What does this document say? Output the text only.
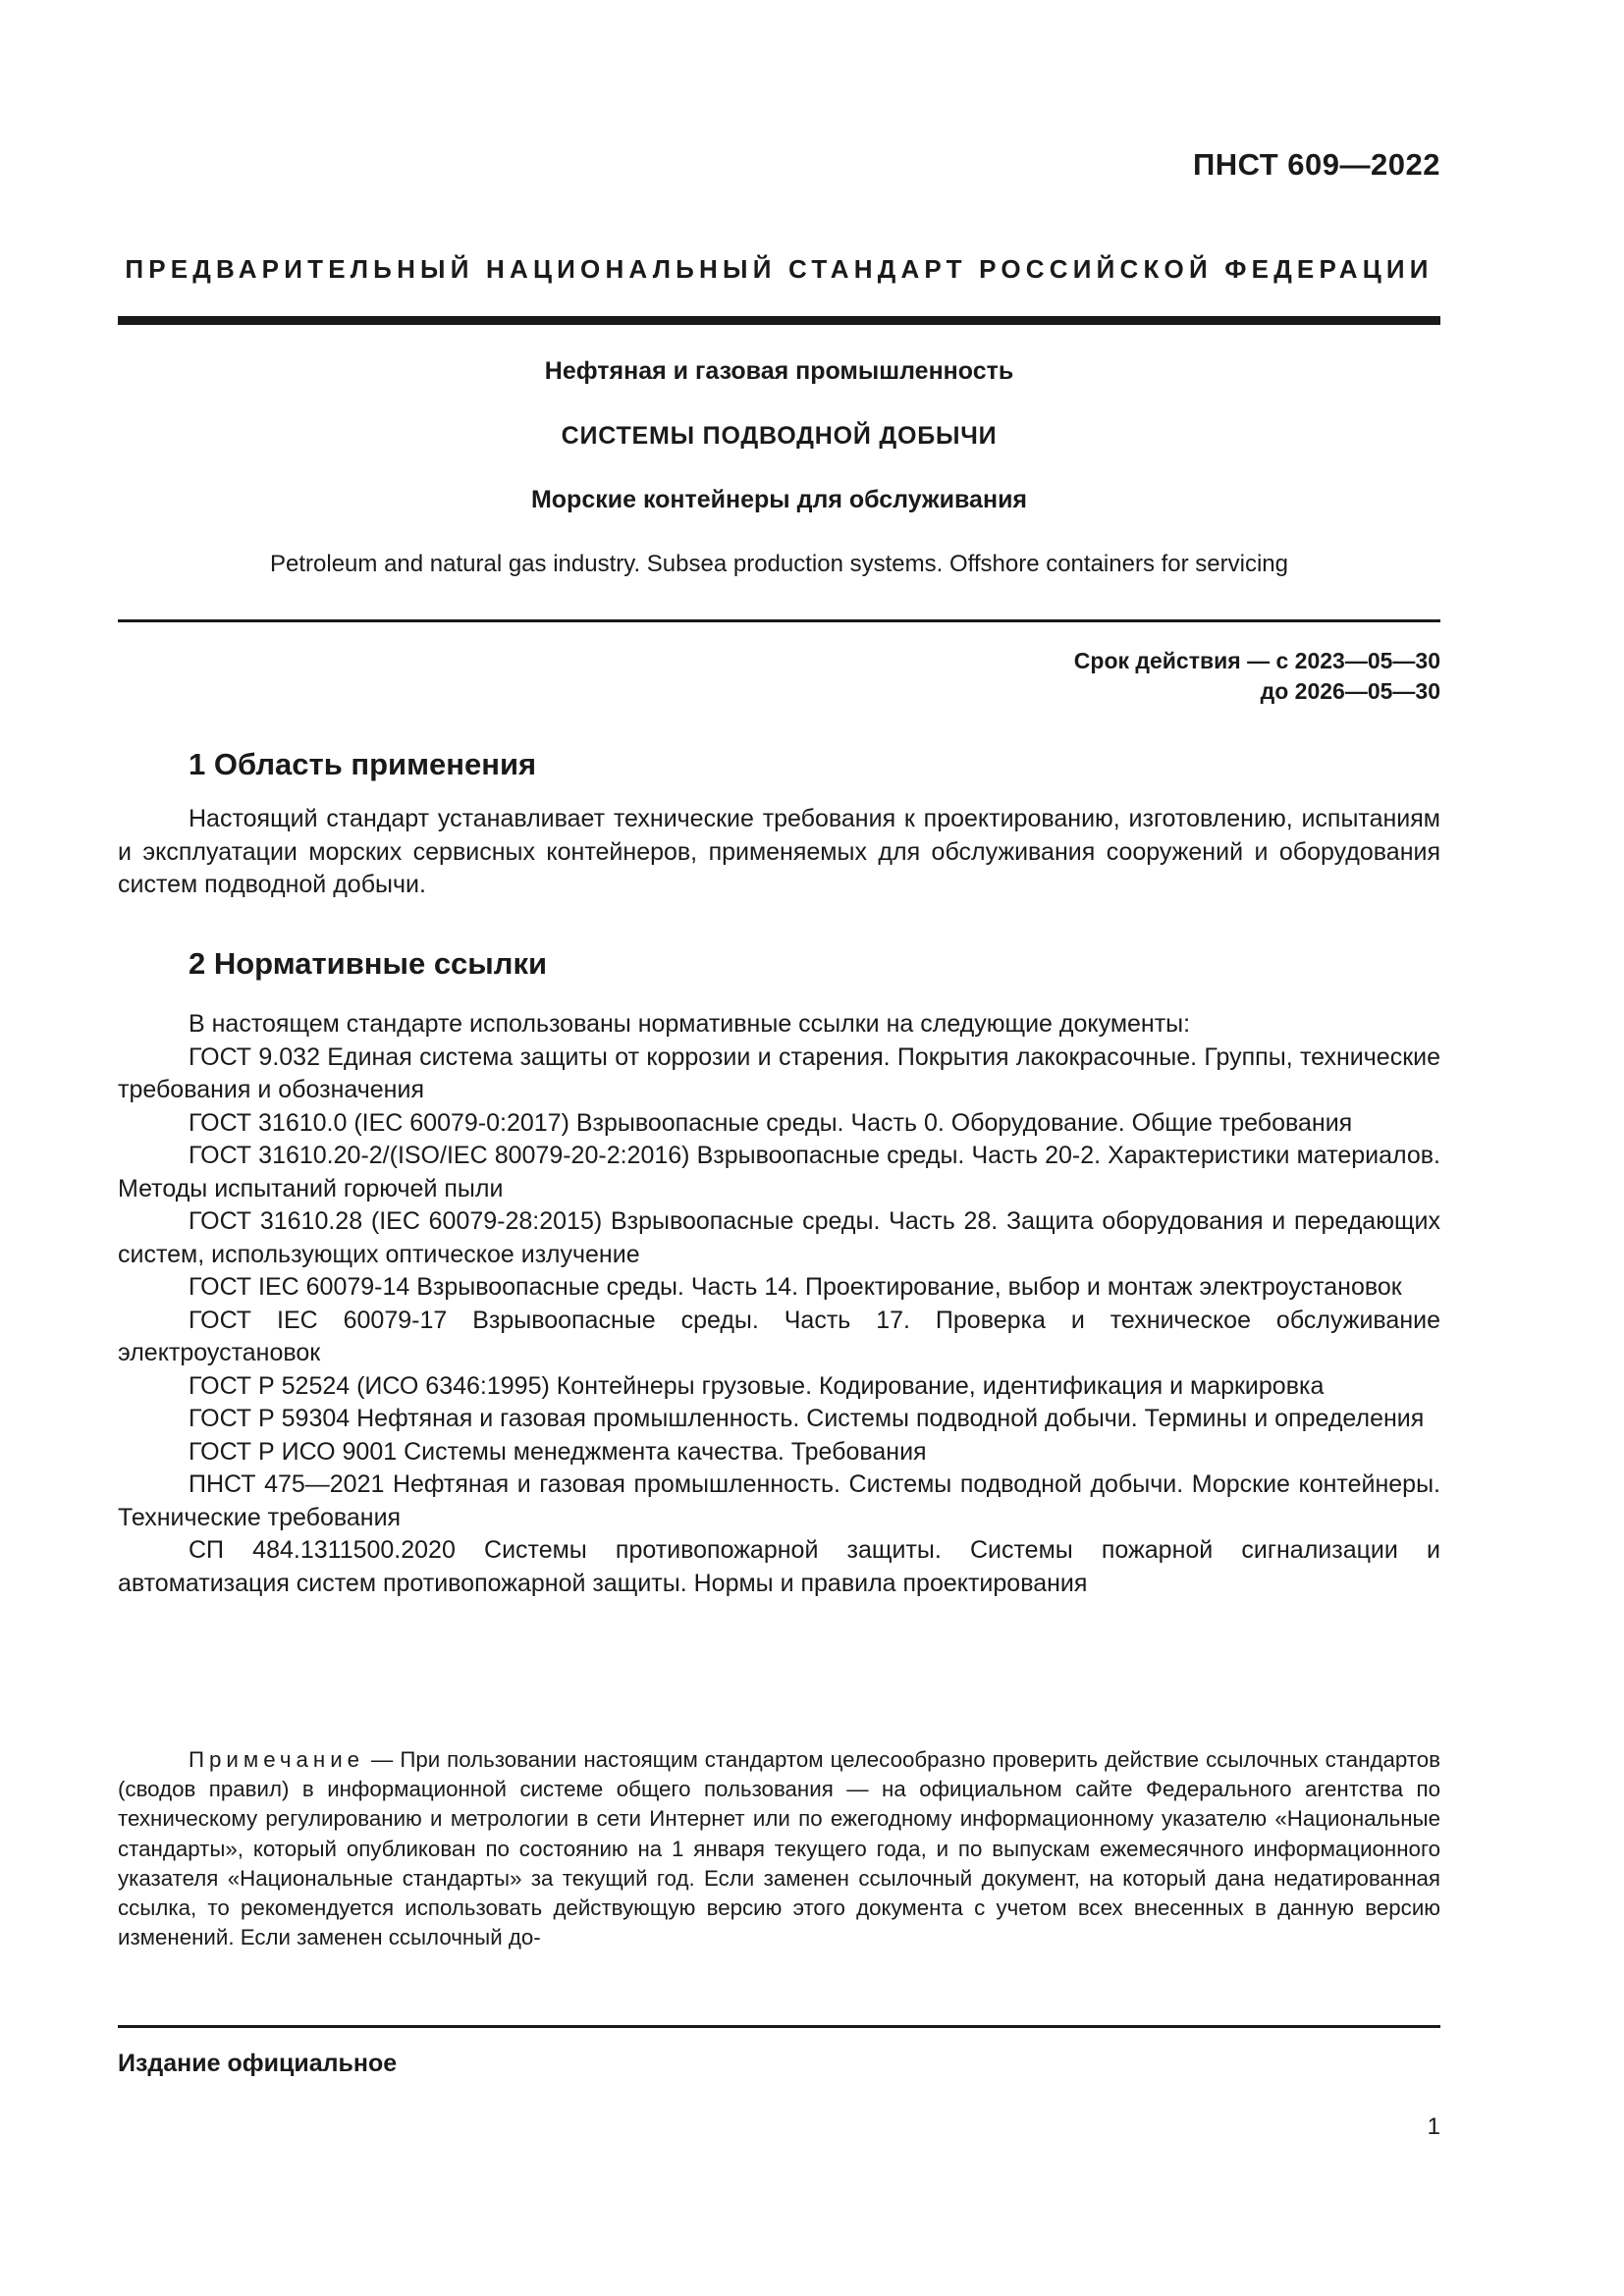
ПНСТ 609—2022
ПРЕДВАРИТЕЛЬНЫЙ НАЦИОНАЛЬНЫЙ СТАНДАРТ РОССИЙСКОЙ ФЕДЕРАЦИИ
Нефтяная и газовая промышленность
СИСТЕМЫ ПОДВОДНОЙ ДОБЫЧИ
Морские контейнеры для обслуживания
Petroleum and natural gas industry. Subsea production systems. Offshore containers for servicing
Срок действия — с 2023—05—30
до 2026—05—30
1 Область применения

Настоящий стандарт устанавливает технические требования к проектированию, изготовлению, испытаниям и эксплуатации морских сервисных контейнеров, применяемых для обслуживания сооружений и оборудования систем подводной добычи.

2 Нормативные ссылки

В настоящем стандарте использованы нормативные ссылки на следующие документы:

ГОСТ 9.032 Единая система защиты от коррозии и старения. Покрытия лакокрасочные. Группы, технические требования и обозначения

ГОСТ 31610.0 (IEC 60079-0:2017) Взрывоопасные среды. Часть 0. Оборудование. Общие требования

ГОСТ 31610.20-2/(ISO/IEC 80079-20-2:2016) Взрывоопасные среды. Часть 20-2. Характеристики материалов. Методы испытаний горючей пыли

ГОСТ 31610.28 (IEC 60079-28:2015) Взрывоопасные среды. Часть 28. Защита оборудования и передающих систем, использующих оптическое излучение

ГОСТ IEC 60079-14 Взрывоопасные среды. Часть 14. Проектирование, выбор и монтаж электроустановок

ГОСТ IEC 60079-17 Взрывоопасные среды. Часть 17. Проверка и техническое обслуживание электроустановок

ГОСТ Р 52524 (ИСО 6346:1995) Контейнеры грузовые. Кодирование, идентификация и маркировка

ГОСТ Р 59304 Нефтяная и газовая промышленность. Системы подводной добычи. Термины и определения

ГОСТ Р ИСО 9001 Системы менеджмента качества. Требования

ПНСТ 475—2021 Нефтяная и газовая промышленность. Системы подводной добычи. Морские контейнеры. Технические требования

СП 484.1311500.2020 Системы противопожарной защиты. Системы пожарной сигнализации и автоматизация систем противопожарной защиты. Нормы и правила проектирования

Примечание — При пользовании настоящим стандартом целесообразно проверить действие ссылочных стандартов (сводов правил) в информационной системе общего пользования — на официальном сайте Федерального агентства по техническому регулированию и метрологии в сети Интернет или по ежегодному информационному указателю «Национальные стандарты», который опубликован по состоянию на 1 января текущего года, и по выпускам ежемесячного информационного указателя «Национальные стандарты» за текущий год. Если заменен ссылочный документ, на который дана недатированная ссылка, то рекомендуется использовать действующую версию этого документа с учетом всех внесенных в данную версию изменений. Если заменен ссылочный до-

Издание официальное
1
